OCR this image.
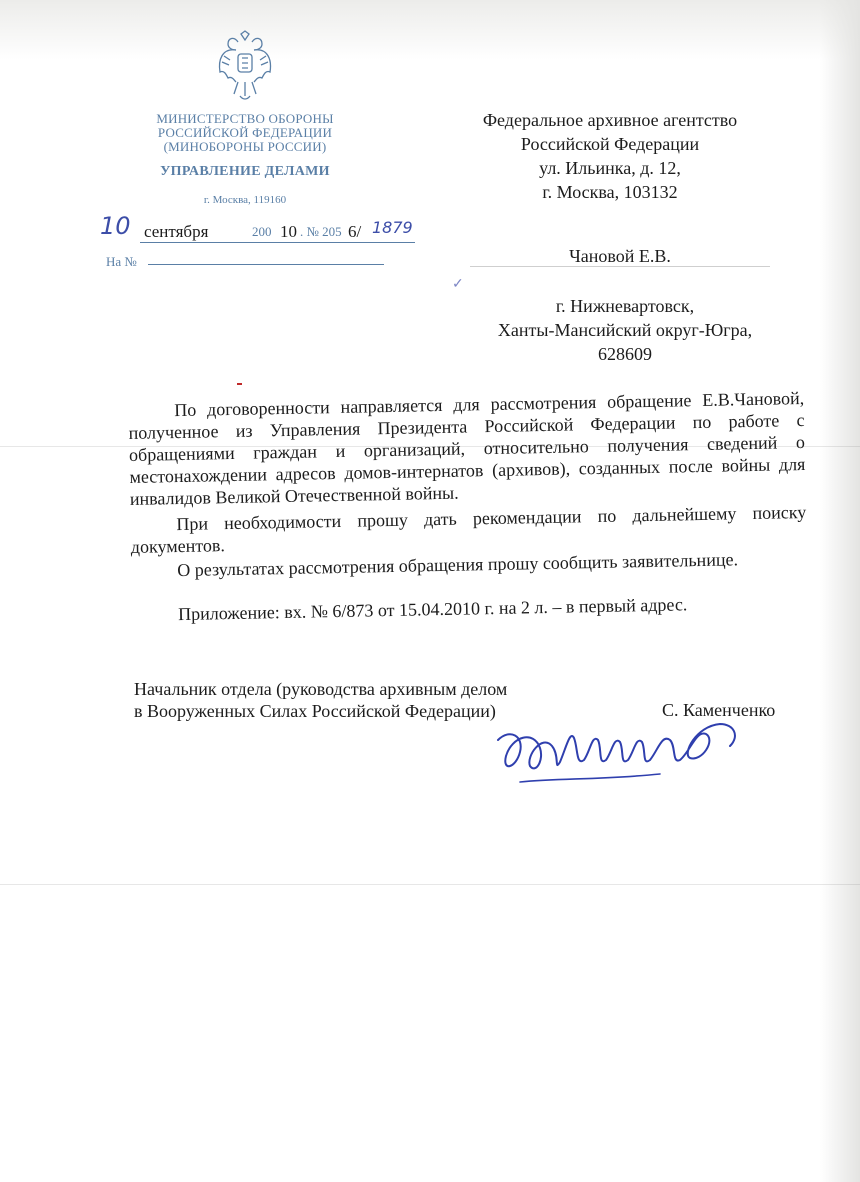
МИНИСТЕРСТВО ОБОРОНЫ
РОССИЙСКОЙ ФЕДЕРАЦИИ
(МИНОБОРОНЫ РОССИИ)
УПРАВЛЕНИЕ ДЕЛАМИ
г. Москва, 119160
10 сентября	200 10 . № 205 6/ 1879
На №
Федеральное архивное агентство
Российской Федерации
ул. Ильинка, д. 12,
г. Москва, 103132
Чановой Е.В.
✓
г. Нижневартовск,
Ханты-Мансийский округ-Югра,
628609

По договоренности направляется для рассмотрения обращение Е.В.Чановой, полученное из Управления Президента Российской Федерации по работе с обращениями граждан и организаций, относительно получения сведений о местонахождении адресов домов-интернатов (архивов), созданных после войны для инвалидов Великой Отечественной войны.

При необходимости прошу дать рекомендации по дальнейшему поиску документов.

О результатах рассмотрения обращения прошу сообщить заявительнице.

Приложение: вх. № 6/873 от 15.04.2010 г. на 2 л. – в первый адрес.

Начальник отдела (руководства архивным делом
в Вооруженных Силах Российской Федерации)	С. Каменченко
